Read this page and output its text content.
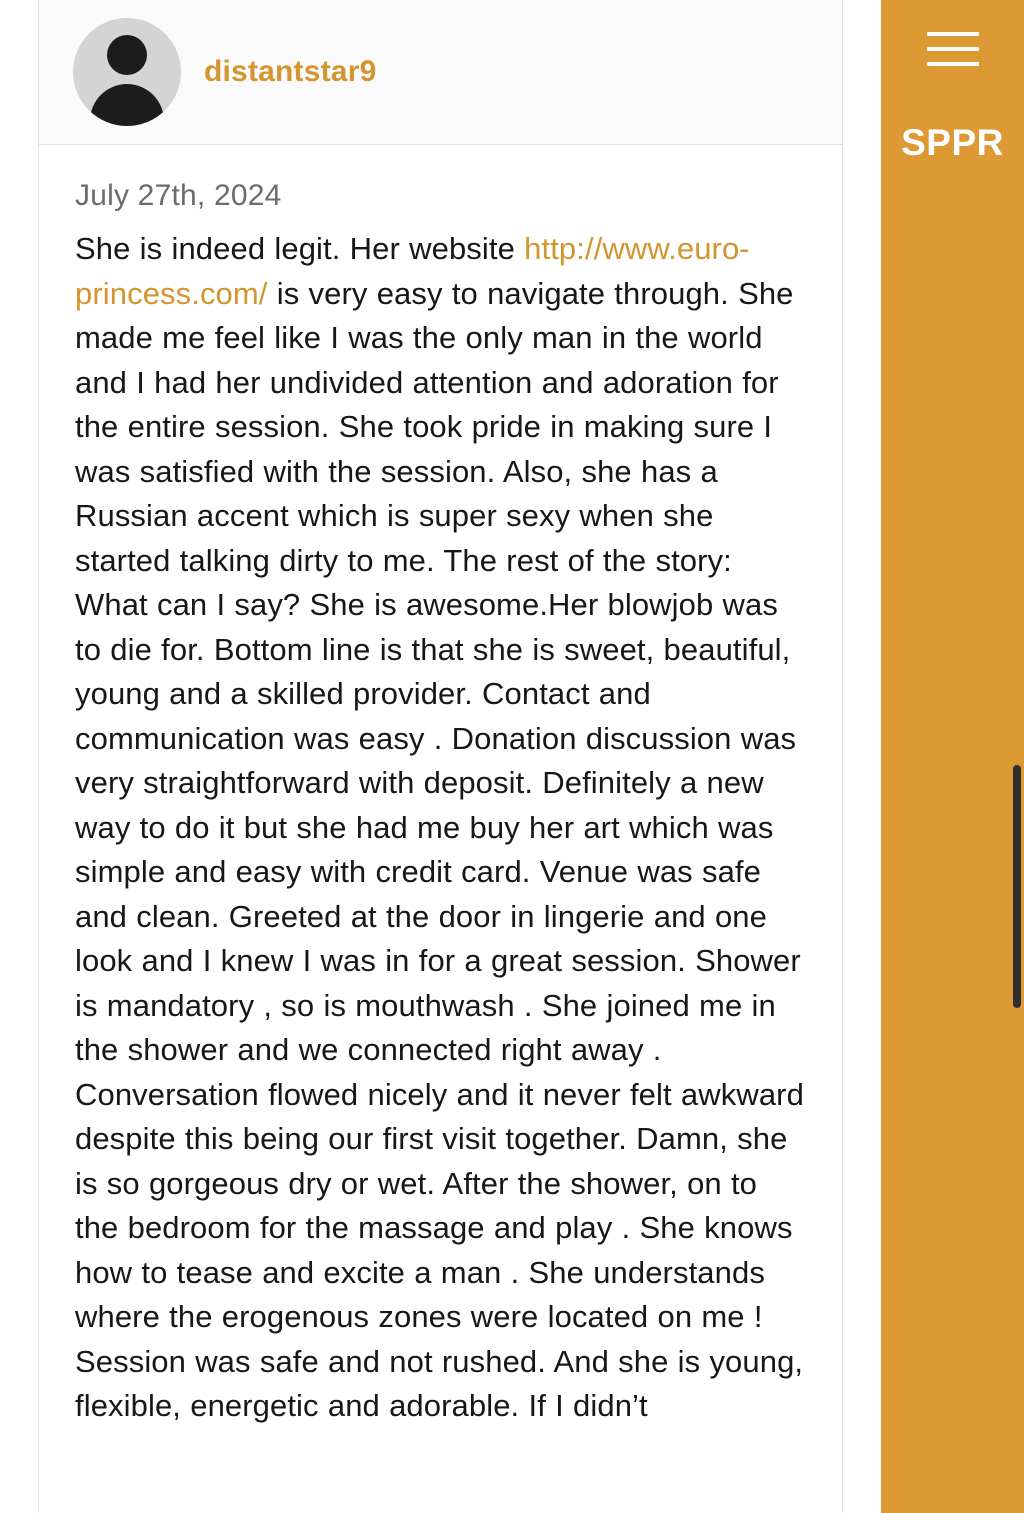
distantstar9
July 27th, 2024
She is indeed legit. Her website http://www.euro-princess.com/ is very easy to navigate through. She made me feel like I was the only man in the world and I had her undivided attention and adoration for the entire session. She took pride in making sure I was satisfied with the session. Also, she has a Russian accent which is super sexy when she started talking dirty to me. The rest of the story: What can I say? She is awesome.Her blowjob was to die for. Bottom line is that she is sweet, beautiful, young and a skilled provider. Contact and communication was easy . Donation discussion was very straightforward with deposit. Definitely a new way to do it but she had me buy her art which was simple and easy with credit card. Venue was safe and clean. Greeted at the door in lingerie and one look and I knew I was in for a great session. Shower is mandatory , so is mouthwash . She joined me in the shower and we connected right away . Conversation flowed nicely and it never felt awkward despite this being our first visit together. Damn, she is so gorgeous dry or wet. After the shower, on to the bedroom for the massage and play . She knows how to tease and excite a man . She understands where the erogenous zones were located on me ! Session was safe and not rushed. And she is young, flexible, energetic and adorable. If I didn’t
SPPR
